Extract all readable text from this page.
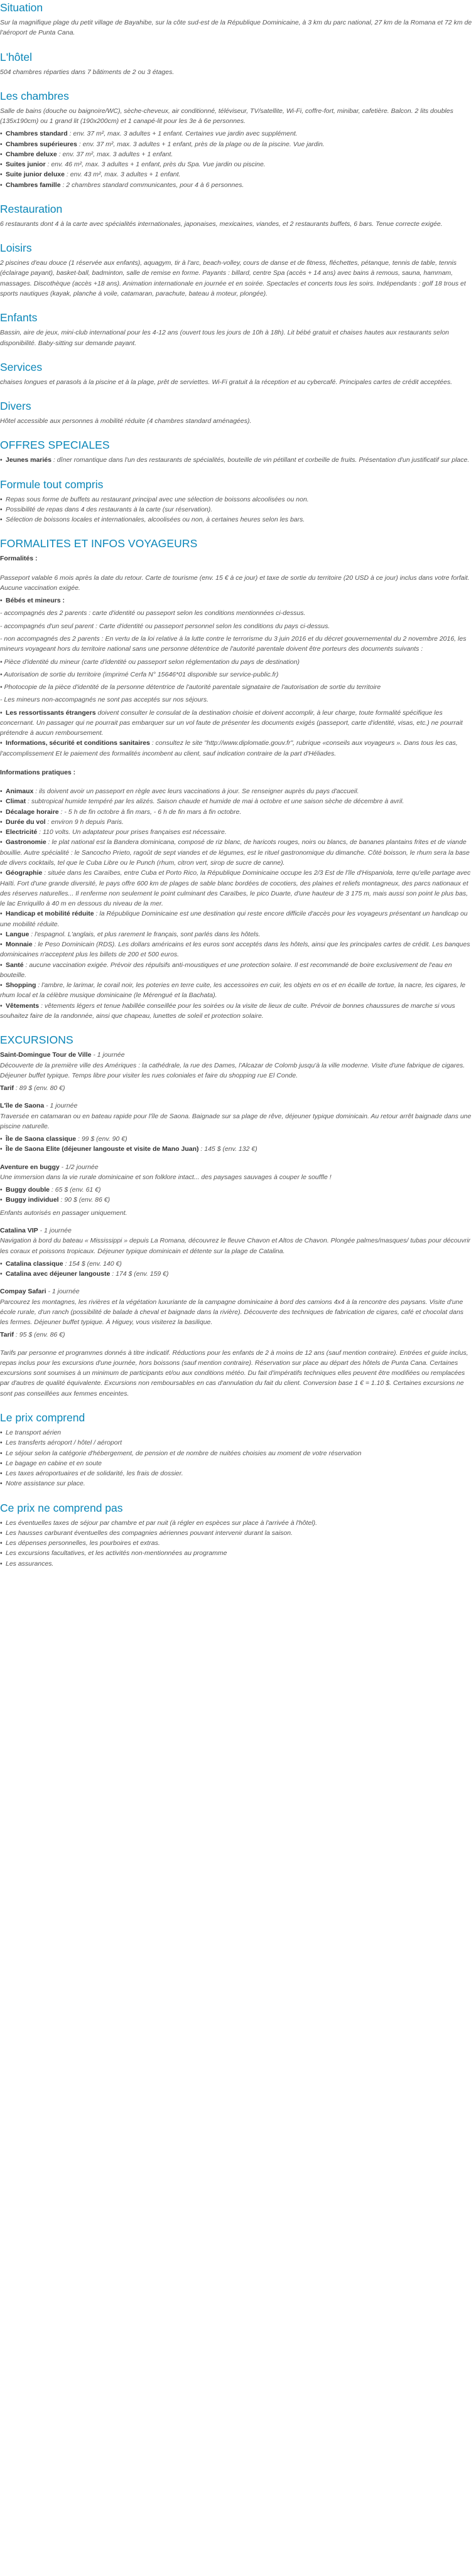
Situation

Sur la magnifique plage du petit village de Bayahibe, sur la côte sud-est de la République Dominicaine, à 3 km du parc national, 27 km de la Romana et 72 km de l'aéroport de Punta Cana.

L'hôtel

504 chambres réparties dans 7 bâtiments de 2 ou 3 étages.

Les chambres

Salle de bains (douche ou baignoire/WC), sèche-cheveux, air conditionné, téléviseur, TV/satellite, Wi-Fi, coffre-fort, minibar, cafetière. Balcon. 2 lits doubles (135x190cm) ou 1 grand lit (190x200cm) et 1 canapé-lit pour les 3e à 6e personnes.

• Chambres standard : env. 37 m², max. 3 adultes + 1 enfant. Certaines vue jardin avec supplément.
• Chambres supérieures : env. 37 m², max. 3 adultes + 1 enfant, près de la plage ou de la piscine. Vue jardin.
• Chambre deluxe : env. 37 m², max. 3 adultes + 1 enfant.
• Suites junior : env. 46 m², max. 3 adultes + 1 enfant, près du Spa. Vue jardin ou piscine.
• Suite junior deluxe : env. 43 m², max. 3 adultes + 1 enfant.
• Chambres famille : 2 chambres standard communicantes, pour 4 à 6 personnes.
Restauration

6 restaurants dont 4 à la carte avec spécialités internationales, japonaises, mexicaines, viandes, et 2 restaurants buffets, 6 bars. Tenue correcte exigée.

Loisirs

2 piscines d'eau douce (1 réservée aux enfants), aquagym, tir à l'arc, beach-volley, cours de danse et de fitness, fléchettes, pétanque, tennis de table, tennis (éclairage payant), basket-ball, badminton, salle de remise en forme. Payants : billard, centre Spa (accès + 14 ans) avec bains à remous, sauna, hammam, massages. Discothèque (accès +18 ans). Animation internationale en journée et en soirée. Spectacles et concerts tous les soirs. Indépendants : golf 18 trous et sports nautiques (kayak, planche à voile, catamaran, parachute, bateau à moteur, plongée).

Enfants

Bassin, aire de jeux, mini-club international pour les 4-12 ans (ouvert tous les jours de 10h à 18h). Lit bébé gratuit et chaises hautes aux restaurants selon disponibilité. Baby-sitting sur demande payant.

Services

chaises longues et parasols à la piscine et à la plage, prêt de serviettes. Wi-Fi gratuit à la réception et au cybercafé. Principales cartes de crédit acceptées.

Divers

Hôtel accessible aux personnes à mobilité réduite (4 chambres standard aménagées).

OFFRES SPECIALES
• Jeunes mariés : dîner romantique dans l'un des restaurants de spécialités, bouteille de vin pétillant et corbeille de fruits. Présentation d'un justificatif sur place.
Formule tout compris
• Repas sous forme de buffets au restaurant principal avec une sélection de boissons alcoolisées ou non.
• Possibilité de repas dans 4 des restaurants à la carte (sur réservation).
• Sélection de boissons locales et internationales, alcoolisées ou non, à certaines heures selon les bars.
FORMALITES ET INFOS VOYAGEURS

Formalités :

Passeport valable 6 mois après la date du retour. Carte de tourisme (env. 15 € à ce jour) et taxe de sortie du territoire (20 USD à ce jour) inclus dans votre forfait. Aucune vaccination exigée.

• Bébés et mineurs :

- accompagnés des 2 parents : carte d'identité ou passeport selon les conditions mentionnées ci-dessus.

- accompagnés d'un seul parent : Carte d'identité ou passeport personnel selon les conditions du pays ci-dessus.

- non accompagnés des 2 parents : En vertu de la loi relative à la lutte contre le terrorisme du 3 juin 2016 et du décret gouvernemental du 2 novembre 2016, les mineurs voyageant hors du territoire national sans une personne détentrice de l'autorité parentale doivent être porteurs des documents suivants :

• Pièce d'identité du mineur (carte d'identité ou passeport selon réglementation du pays de destination)

• Autorisation de sortie du territoire (imprimé Cerfa N° 15646*01 disponible sur service-public.fr)

• Photocopie de la pièce d'identité de la personne détentrice de l'autorité parentale signataire de l'autorisation de sortie du territoire

- Les mineurs non-accompagnés ne sont pas acceptés sur nos séjours.

• Les ressortissants étrangers doivent consulter le consulat de la destination choisie et doivent accomplir, à leur charge, toute formalité spécifique les concernant. Un passager qui ne pourrait pas embarquer sur un vol faute de présenter les documents exigés (passeport, carte d'identité, visas, etc.) ne pourrait prétendre à aucun remboursement.
• Informations, sécurité et conditions sanitaires : consultez le site "http://www.diplomatie.gouv.fr", rubrique «conseils aux voyageurs ». Dans tous les cas, l'accomplissement Et le paiement des formalités incombent au client, sauf indication contraire de la part d'Héliades.

Informations pratiques :

• Animaux : ils doivent avoir un passeport en règle avec leurs vaccinations à jour. Se renseigner auprès du pays d'accueil.
• Climat : subtropical humide tempéré par les alizés. Saison chaude et humide de mai à octobre et une saison sèche de décembre à avril.
• Décalage horaire : - 5 h de fin octobre à fin mars, - 6 h de fin mars à fin octobre.
• Durée du vol : environ 9 h depuis Paris.
• Electricité : 110 volts. Un adaptateur pour prises françaises est nécessaire.
• Gastronomie : le plat national est la Bandera dominicana, composé de riz blanc, de haricots rouges, noirs ou blancs, de bananes plantains frites et de viande bouillie. Autre spécialité : le Sancocho Prieto, ragoût de sept viandes et de légumes, est le rituel gastronomique du dimanche. Côté boisson, le rhum sera la base de divers cocktails, tel que le Cuba Libre ou le Punch (rhum, citron vert, sirop de sucre de canne).
• Géographie : située dans les Caraïbes, entre Cuba et Porto Rico, la République Dominicaine occupe les 2/3 Est de l'île d'Hispaniola, terre qu'elle partage avec Haïti. Fort d'une grande diversité, le pays offre 600 km de plages de sable blanc bordées de cocotiers, des plaines et reliefs montagneux, des parcs nationaux et des réserves naturelles... Il renferme non seulement le point culminant des Caraïbes, le pico Duarte, d'une hauteur de 3 175 m, mais aussi son point le plus bas, le lac Enriquillo à 40 m en dessous du niveau de la mer.
• Handicap et mobilité réduite : la République Dominicaine est une destination qui reste encore difficile d'accès pour les voyageurs présentant un handicap ou une mobilité réduite.
• Langue : l'espagnol. L'anglais, et plus rarement le français, sont parlés dans les hôtels.
• Monnaie : le Peso Dominicain (RDS). Les dollars américains et les euros sont acceptés dans les hôtels, ainsi que les principales cartes de crédit. Les banques dominicaines n'acceptent plus les billets de 200 et 500 euros.
• Santé : aucune vaccination exigée. Prévoir des répulsifs anti-moustiques et une protection solaire. Il est recommandé de boire exclusivement de l'eau en bouteille.
• Shopping : l'ambre, le larimar, le corail noir, les poteries en terre cuite, les accessoires en cuir, les objets en os et en écaille de tortue, la nacre, les cigares, le rhum local et la célèbre musique dominicaine (le Mérengué et la Bachata).
• Vêtements : vêtements légers et tenue habillée conseillée pour les soirées ou la visite de lieux de culte. Prévoir de bonnes chaussures de marche si vous souhaitez faire de la randonnée, ainsi que chapeau, lunettes de soleil et protection solaire.
EXCURSIONS
Saint-Domingue Tour de Ville - 1 journée

Découverte de la première ville des Amériques : la cathédrale, la rue des Dames, l'Alcazar de Colomb jusqu'à la ville moderne. Visite d'une fabrique de cigares. Déjeuner buffet typique. Temps libre pour visiter les rues coloniales et faire du shopping rue El Conde.

Tarif : 89 $ (env. 80 €)

L'île de Saona - 1 journée

Traversée en catamaran ou en bateau rapide pour l'île de Saona. Baignade sur sa plage de rêve, déjeuner typique dominicain. Au retour arrêt baignade dans une piscine naturelle.

• Île de Saona classique : 99 $ (env. 90 €)
• Île de Saona Elite (déjeuner langouste et visite de Mano Juan) : 145 $ (env. 132 €)
Aventure en buggy - 1/2 journée

Une immersion dans la vie rurale dominicaine et son folklore intact... des paysages sauvages à couper le souffle !

• Buggy double : 65 $ (env. 61 €)
• Buggy individuel : 90 $ (env. 86 €)

Enfants autorisés en passager uniquement.

Catalina VIP - 1 journée

Navigation à bord du bateau « Mississippi » depuis La Romana, découvrez le fleuve Chavon et Altos de Chavon. Plongée palmes/masques/ tubas pour découvrir les coraux et poissons tropicaux. Déjeuner typique dominicain et détente sur la plage de Catalina.

• Catalina classique : 154 $ (env. 140 €)
• Catalina avec déjeuner langouste : 174 $ (env. 159 €)
Compay Safari - 1 journée

Parcourez les montagnes, les rivières et la végétation luxuriante de la campagne dominicaine à bord des camions 4x4 à la rencontre des paysans. Visite d'une école rurale, d'un ranch (possibilité de balade à cheval et baignade dans la rivière). Découverte des techniques de fabrication de cigares, café et chocolat dans les fermes. Déjeuner buffet typique. À Higuey, vous visiterez la basilique.

Tarif : 95 $ (env. 86 €)

Tarifs par personne et programmes donnés à titre indicatif. Réductions pour les enfants de 2 à moins de 12 ans (sauf mention contraire). Entrées et guide inclus, repas inclus pour les excursions d'une journée, hors boissons (sauf mention contraire). Réservation sur place au départ des hôtels de Punta Cana. Certaines excursions sont soumises à un minimum de participants et/ou aux conditions météo. Du fait d'impératifs techniques elles peuvent être modifiées ou remplacées par d'autres de qualité équivalente. Excursions non remboursables en cas d'annulation du fait du client. Conversion base 1 € = 1.10 $. Certaines excursions ne sont pas conseillées aux femmes enceintes.

Le prix comprend
• Le transport aérien
• Les transferts aéroport / hôtel / aéroport
• Le séjour selon la catégorie d'hébergement, de pension et de nombre de nuitées choisies au moment de votre réservation
• Le bagage en cabine et en soute
• Les taxes aéroportuaires et de solidarité, les frais de dossier.
• Notre assistance sur place.
Ce prix ne comprend pas
• Les éventuelles taxes de séjour par chambre et par nuit (à régler en espèces sur place à l'arrivée à l'hôtel).
• Les hausses carburant éventuelles des compagnies aériennes pouvant intervenir durant la saison.
• Les dépenses personnelles, les pourboires et extras.
• Les excursions facultatives, et les activités non-mentionnées au programme
• Les assurances.
